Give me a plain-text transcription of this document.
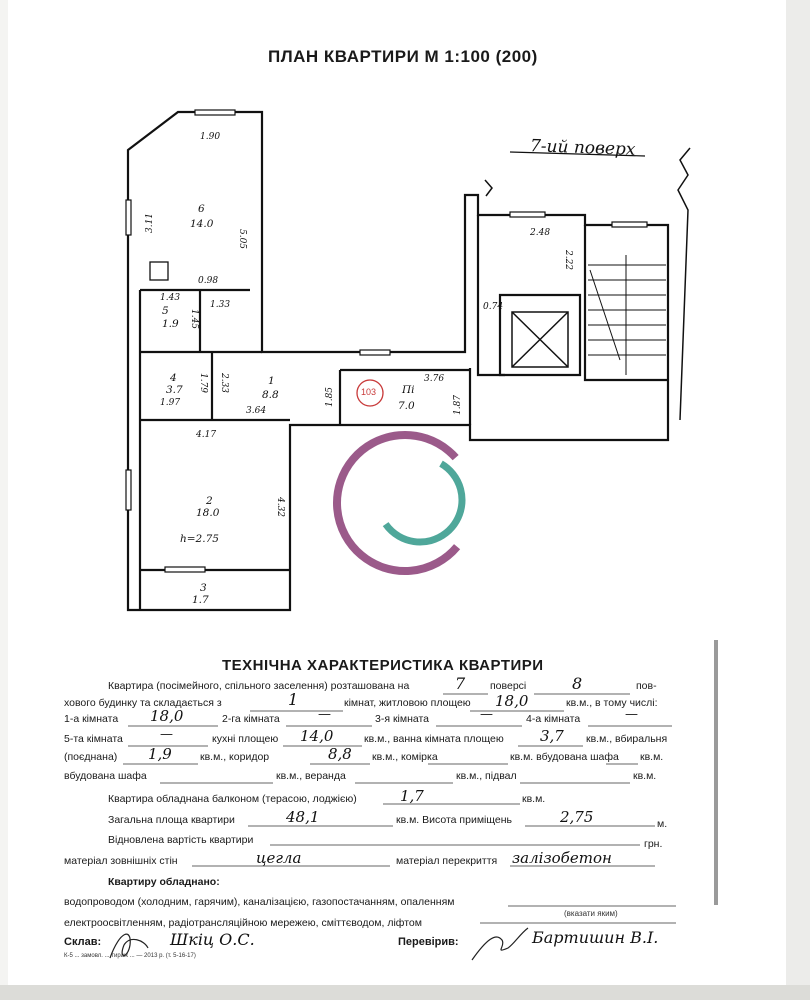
ПЛАН КВАРТИРИ М 1:100 (200)
7-ий поверх
6
14.0
5
1.9
4
3.7
1
8.8	Пі
7.0
2
18.0
h=2.75
3
1.7
103
1.90
3.11
5.05
0.98
1.43
1.33
1.45
1.97
1.79 2.33
3.64
1.85
3.76
1.87
4.17
4.32
2.48
2.22
0.74
ТЕХНІЧНА ХАРАКТЕРИСТИКА КВАРТИРИ
Квартира (посімейного, спільного заселення) розташована на	7 поверсі	8	пов-
хового будинку та складається з	1	кімнат, житловою площею 18,0	кв.м., в тому числі:
1-а кімната 18,0	2-га кімната	—	3-я кімната	—	4-а кімната	—
5-та кімната	—	кухні площею 14,0	кв.м., ванна кімната площею 3,7 кв.м., вбиральня
(поєднана) 1,9	кв.м., коридор	8,8 кв.м., комірка	кв.м. вбудована шафа кв.м.
вбудована шафа	кв.м., веранда	кв.м., підвал	кв.м.
Квартира обладнана балконом (терасою, лоджією)	1,7	кв.м.
Загальна площа квартири	48,1	кв.м. Висота приміщень	2,75	м.
Відновлена вартість квартири	грн.
матеріал зовнішніх стін	цегла	матеріал перекриття залізобетон
Квартиру обладнано:
водопроводом (холодним, гарячим), каналізацією, газопостачанням, опаленням
(вказати яким)
електроосвітленням, радіотрансляційною мережею, сміттєводом, ліфтом
Склав:	Шкіц О.С.	Перевірив:	Бартишин В.І.
К-5 ... замовл. ... тираж ... — 2013 р. (т. 5-16-17)
